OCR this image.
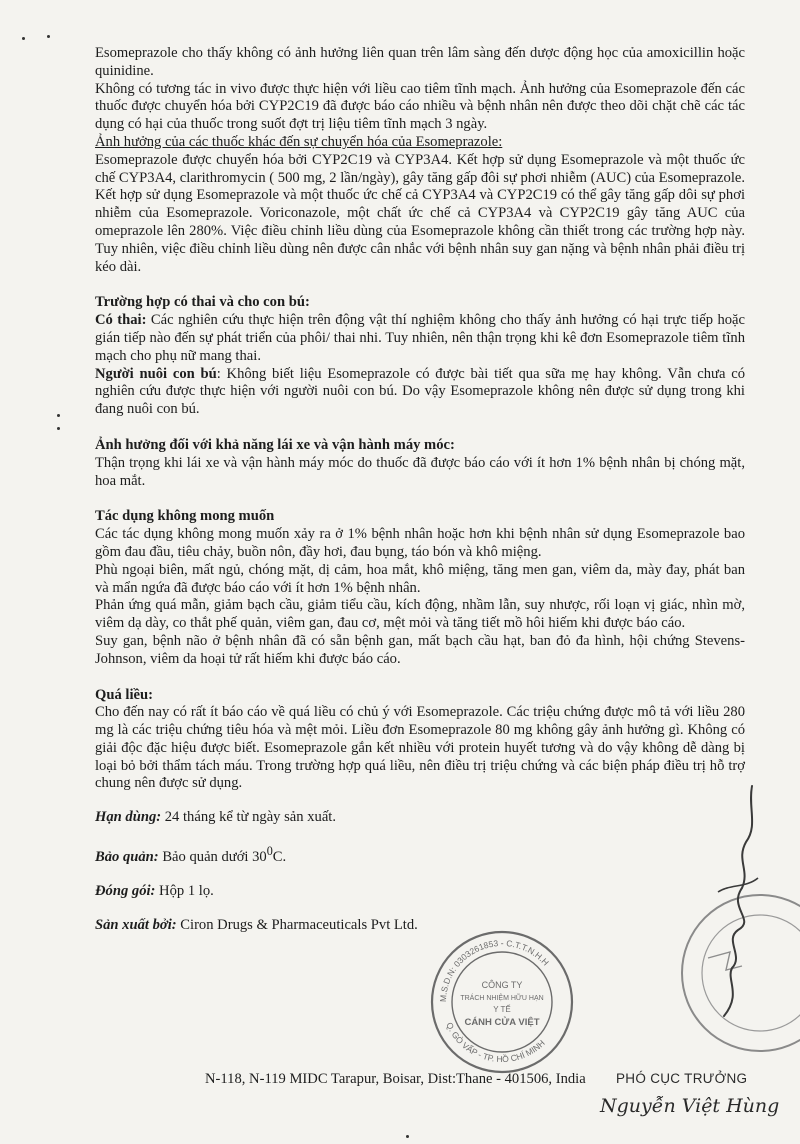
Esomeprazole cho thấy không có ảnh hưởng liên quan trên lâm sàng đến dược động học của amoxicillin hoặc quinidine.

Không có tương tác in vivo được thực hiện với liều cao tiêm tĩnh mạch. Ảnh hưởng của Esomeprazole đến các thuốc được chuyển hóa bởi CYP2C19 đã được báo cáo nhiều và bệnh nhân nên được theo dõi chặt chẽ các tác dụng có hại của thuốc trong suốt đợt trị liệu tiêm tĩnh mạch 3 ngày.

Ảnh hưởng của các thuốc khác đến sự chuyển hóa của Esomeprazole:

Esomeprazole được chuyển hóa bởi CYP2C19 và CYP3A4. Kết hợp sử dụng Esomeprazole và một thuốc ức chế CYP3A4, clarithromycin ( 500 mg, 2 lần/ngày), gây tăng gấp đôi sự phơi nhiễm (AUC) của Esomeprazole. Kết hợp sử dụng Esomeprazole và một thuốc ức chế cả CYP3A4 và CYP2C19 có thể gây tăng gấp dôi sự phơi nhiễm của Esomeprazole. Voriconazole, một chất ức chế cả CYP3A4 và CYP2C19 gây tăng AUC của omeprazole lên 280%. Việc điều chỉnh liều dùng của Esomeprazole không cần thiết trong các trường hợp này. Tuy nhiên, việc điều chỉnh liều dùng nên được cân nhắc với bệnh nhân suy gan nặng và bệnh nhân phải điều trị kéo dài.

Trường hợp có thai và cho con bú:

Có thai: Các nghiên cứu thực hiện trên động vật thí nghiệm không cho thấy ảnh hưởng có hại trực tiếp hoặc gián tiếp nào đến sự phát triển của phôi/ thai nhi. Tuy nhiên, nên thận trọng khi kê đơn Esomeprazole tiêm tĩnh mạch cho phụ nữ mang thai.

Người nuôi con bú: Không biết liệu Esomeprazole có được bài tiết qua sữa mẹ hay không. Vẫn chưa có nghiên cứu được thực hiện với người nuôi con bú. Do vậy Esomeprazole không nên được sử dụng trong khi đang nuôi con bú.

Ảnh hưởng đối với khả năng lái xe và vận hành máy móc:

Thận trọng khi lái xe và vận hành máy móc do thuốc đã được báo cáo với ít hơn 1% bệnh nhân bị chóng mặt, hoa mắt.

Tác dụng không mong muốn

Các tác dụng không mong muốn xảy ra ở 1% bệnh nhân hoặc hơn khi bệnh nhân sử dụng Esomeprazole bao gồm đau đầu, tiêu chảy, buồn nôn, đầy hơi, đau bụng, táo bón và khô miệng.

Phù ngoại biên, mất ngủ, chóng mặt, dị cảm, hoa mắt, khô miệng, tăng men gan, viêm da, mày đay, phát ban và mẩn ngứa đã được báo cáo với ít hơn 1% bệnh nhân.

Phản ứng quá mẫn, giảm bạch cầu, giảm tiểu cầu, kích động, nhầm lẫn, suy nhược, rối loạn vị giác, nhìn mờ, viêm dạ dày, co thắt phế quản, viêm gan, đau cơ, mệt mỏi và tăng tiết mồ hôi hiếm khi được báo cáo.

Suy gan, bệnh não ở bệnh nhân đã có sẵn bệnh gan, mất bạch cầu hạt, ban đỏ đa hình, hội chứng Stevens-Johnson, viêm da hoại tử rất hiếm khi được báo cáo.

Quá liều:

Cho đến nay có rất ít báo cáo về quá liều có chủ ý với Esomeprazole. Các triệu chứng được mô tả với liều 280 mg là các triệu chứng tiêu hóa và mệt mỏi. Liều đơn Esomeprazole 80 mg không gây ảnh hưởng gì. Không có giải độc đặc hiệu được biết. Esomeprazole gắn kết nhiều với protein huyết tương và do vậy không dễ dàng bị loại bỏ bởi thẩm tách máu. Trong trường hợp quá liều, nên điều trị triệu chứng và các biện pháp điều trị hỗ trợ chung nên được sử dụng.

Hạn dùng: 24 tháng kể từ ngày sản xuất.

Bảo quản: Bảo quản dưới $30^0C$.

Đóng gói: Hộp 1 lọ.

Sản xuất bởi: Ciron Drugs & Pharmaceuticals Pvt Ltd.

N-118, N-119 MIDC Tarapur, Boisar, Dist:Thane - 401506, India
M.S.D.N: 0303261853 - C.T.T.N.H.H
Q. GÒ VẤP - TP. HỒ CHÍ MINH
CÔNG TY
TRÁCH NHIỆM HỮU HẠN
Y TẾ
CÁNH CỬA VIỆT
PHÓ CỤC TRƯỞNG
Nguyễn Việt Hùng
